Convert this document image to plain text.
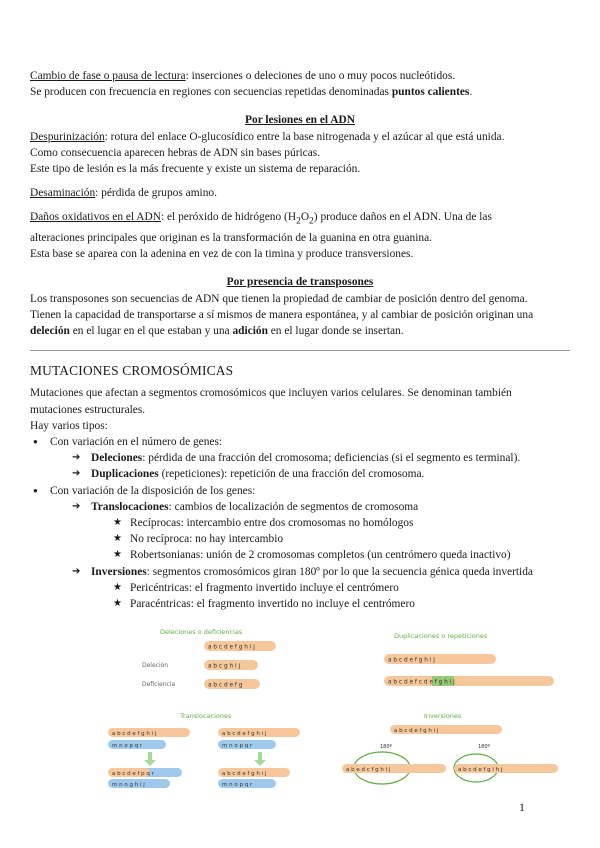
Cambio de fase o pausa de lectura: inserciones o deleciones de uno o muy pocos nucleótidos.

Se producen con frecuencia en regiones con secuencias repetidas denominadas puntos calientes.

Por lesiones en el ADN

Despurinización: rotura del enlace O-glucosídico entre la base nitrogenada y el azúcar al que está unida.

Como consecuencia aparecen hebras de ADN sin bases púricas.

Este tipo de lesión es la más frecuente y existe un sistema de reparación.

Desaminación: pérdida de grupos amino.

Daños oxidativos en el ADN: el peróxido de hidrógeno $(H_2O_2)$ produce daños en el ADN. Una de las

alteraciones principales que originan es la transformación de la guanina en otra guanina.

Esta base se aparea con la adenina en vez de con la timina y produce transversiones.

Por presencia de transposones

Los transposones son secuencias de ADN que tienen la propiedad de cambiar de posición dentro del genoma.

Tienen la capacidad de transportarse a sí mismos de manera espontánea, y al cambiar de posición originan una

deleción en el lugar en el que estaban y una adición en el lugar donde se insertan.

MUTACIONES CROMOSÓMICAS

Mutaciones que afectan a segmentos cromosómicos que incluyen varios celulares. Se denominan también

mutaciones estructurales.

Hay varios tipos:

● Con variación en el número de genes:
➔ Deleciones: pérdida de una fracción del cromosoma; deficiencias (si el segmento es terminal).
➔ Duplicaciones (repeticiones): repetición de una fracción del cromosoma.
● Con variación de la disposición de los genes:
➔ Translocaciones: cambios de localización de segmentos de cromosoma
★ Recíprocas: intercambio entre dos cromosomas no homólogos
★ No recíproca: no hay intercambio
★ Robertsonianas: unión de 2 cromosomas completos (un centrómero queda inactivo)
➔ Inversiones: segmentos cromosómicos giran 180º por lo que la secuencia génica queda invertida
★ Pericéntricas: el fragmento invertido incluye el centrómero
★ Paracéntricas: el fragmento invertido no incluye el centrómero
Deleciones o deficiencias
a b c d e f g h i j
Deleción	a b c g h i j
Deficiencia	a b c d e f g
Duplicaciones o repeticiones
a b c d e f g h i j
a b c d e f c d e f g h i j
Translocaciones
a b c d e f g h i j
m n o p q r
a b c d e f p q r
m n o g h i j
a b c d e f g h i j
m n o p q r
a b c d e f g h i j
m n o p q r
Inversiones
a b c d e f g h i j
180º
a b e d c f g h i j
180º
a b c d e f g i h j
1
